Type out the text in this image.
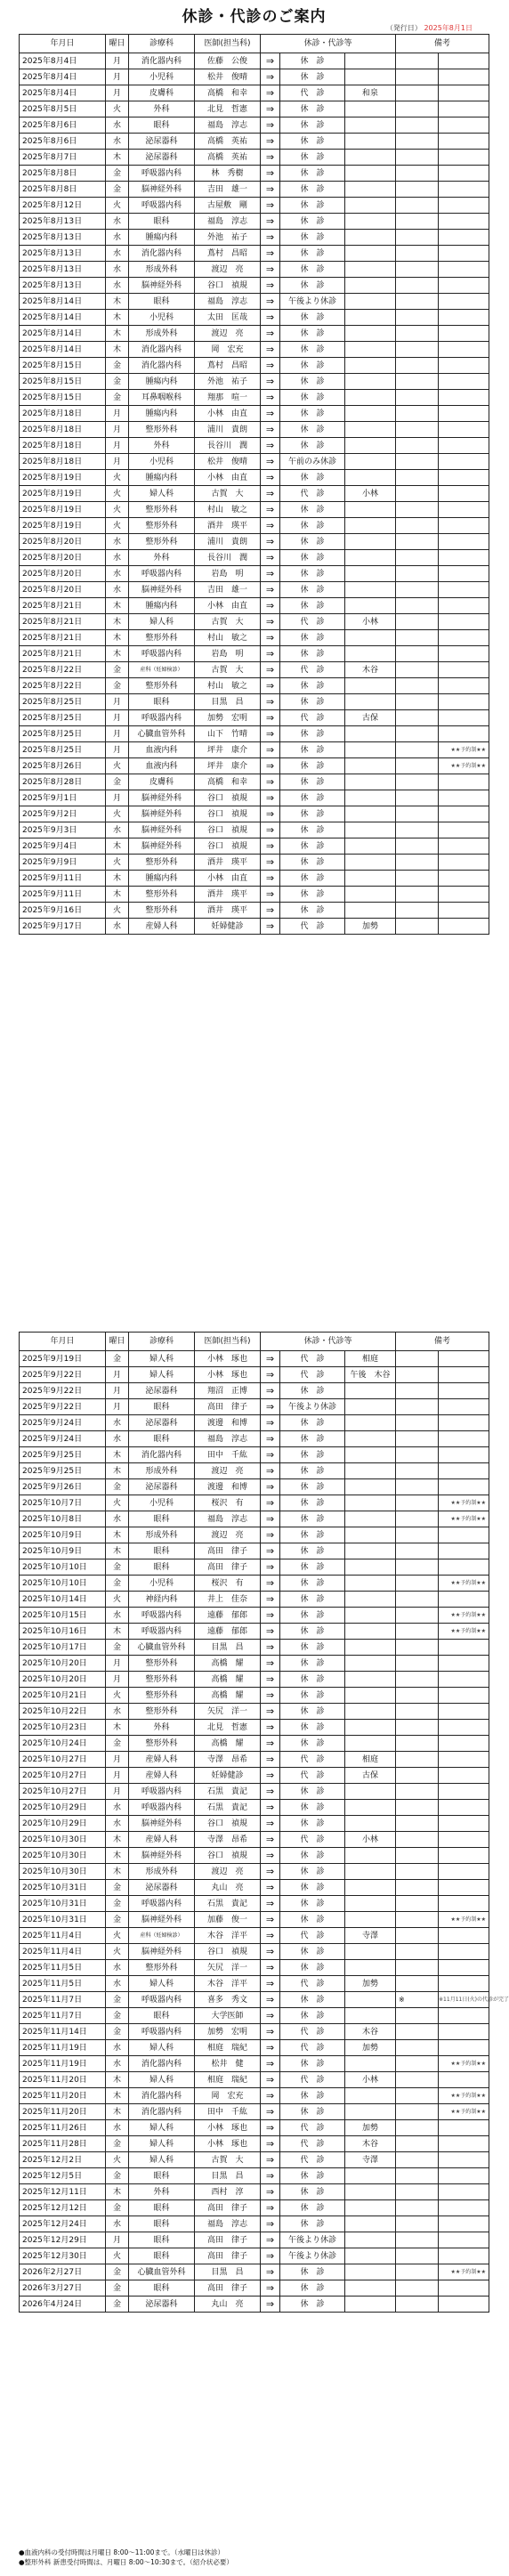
休診・代診のご案内
（発行日） 2025年8月1日
年月日	曜日	診療科	医師(担当科)	休診・代診等			備考	
2025年8月4日	月	消化器内科	佐藤　公俊	⇒	休　診			
2025年8月4日	月	小児科	松井　俊晴	⇒	休　診			
2025年8月4日	月	皮膚科	高橋　和幸	⇒	代　診	和泉		
2025年8月5日	火	外科	北見　哲憲	⇒	休　診			
2025年8月6日	水	眼科	福島　淳志	⇒	休　診			
2025年8月6日	水	泌尿器科	高橋　英祐	⇒	休　診			
2025年8月7日	木	泌尿器科	高橋　英祐	⇒	休　診			
2025年8月8日	金	呼吸器内科	林　秀樹	⇒	休　診			
2025年8月8日	金	脳神経外科	吉田　雄一	⇒	休　診			
2025年8月12日	火	呼吸器内科	古屋敷　剛	⇒	休　診			
2025年8月13日	水	眼科	福島　淳志	⇒	休　診			
2025年8月13日	水	腫瘍内科	外池　祐子	⇒	休　診			
2025年8月13日	水	消化器内科	蔦村　昌昭	⇒	休　診			
2025年8月13日	水	形成外科	渡辺　亮	⇒	休　診			
2025年8月13日	水	脳神経外科	谷口　禎規	⇒	休　診			
2025年8月14日	木	眼科	福島　淳志	⇒	午後より休診			
2025年8月14日	木	小児科	太田　匡哉	⇒	休　診			
2025年8月14日	木	形成外科	渡辺　亮	⇒	休　診			
2025年8月14日	木	消化器内科	岡　宏充	⇒	休　診			
2025年8月15日	金	消化器内科	蔦村　昌昭	⇒	休　診			
2025年8月15日	金	腫瘍内科	外池　祐子	⇒	休　診			
2025年8月15日	金	耳鼻咽喉科	翔那　喧一	⇒	休　診			
2025年8月18日	月	腫瘍内科	小林　由直	⇒	休　診			
2025年8月18日	月	整形外科	浦川　貴朗	⇒	休　診			
2025年8月18日	月	外科	長谷川　潤	⇒	休　診			
2025年8月18日	月	小児科	松井　俊晴	⇒	午前のみ休診			
2025年8月19日	火	腫瘍内科	小林　由直	⇒	休　診			
2025年8月19日	火	婦人科	古賀　大	⇒	代　診	小林		
2025年8月19日	火	整形外科	村山　敏之	⇒	休　診			
2025年8月19日	火	整形外科	酒井　瑛平	⇒	休　診			
2025年8月20日	水	整形外科	浦川　貴朗	⇒	休　診			
2025年8月20日	水	外科	長谷川　潤	⇒	休　診			
2025年8月20日	水	呼吸器内科	岩島　明	⇒	休　診			
2025年8月20日	水	脳神経外科	吉田　雄一	⇒	休　診			
2025年8月21日	木	腫瘍内科	小林　由直	⇒	休　診			
2025年8月21日	木	婦人科	古賀　大	⇒	代　診	小林		
2025年8月21日	木	整形外科	村山　敏之	⇒	休　診			
2025年8月21日	木	呼吸器内科	岩島　明	⇒	休　診			
2025年8月22日	金	産科（妊婦検診）	古賀　大	⇒	代　診	木谷		
2025年8月22日	金	整形外科	村山　敏之	⇒	休　診			
2025年8月25日	月	眼科	目黒　昌	⇒	休　診			
2025年8月25日	月	呼吸器内科	加勢　宏明	⇒	代　診	古保		
2025年8月25日	月	心臓血管外科	山下　竹晴	⇒	休　診			
2025年8月25日	月	血液内科	坪井　康介	⇒	休　診			★★予約制★★
2025年8月26日	火	血液内科	坪井　康介	⇒	休　診			★★予約制★★
2025年8月28日	金	皮膚科	高橋　和幸	⇒	休　診			
2025年9月1日	月	脳神経外科	谷口　禎規	⇒	休　診			
2025年9月2日	火	脳神経外科	谷口　禎規	⇒	休　診			
2025年9月3日	水	脳神経外科	谷口　禎規	⇒	休　診			
2025年9月4日	木	脳神経外科	谷口　禎規	⇒	休　診			
2025年9月9日	火	整形外科	酒井　瑛平	⇒	休　診			
2025年9月11日	木	腫瘍内科	小林　由直	⇒	休　診			
2025年9月11日	木	整形外科	酒井　瑛平	⇒	休　診			
2025年9月16日	火	整形外科	酒井　瑛平	⇒	休　診			
2025年9月17日	水	産婦人科	妊婦健診	⇒	代　診	加勢		
年月日	曜日	診療科	医師(担当科)	休診・代診等			備考	
2025年9月19日	金	婦人科	小林　琢也	⇒	代　診	相庭		
2025年9月22日	月	婦人科	小林　琢也	⇒	代　診	午後　木谷		
2025年9月22日	月	泌尿器科	翔沼　正博	⇒	休　診			
2025年9月22日	月	眼科	高田　律子	⇒	午後より休診			
2025年9月24日	水	泌尿器科	渡邊　和博	⇒	休　診			
2025年9月24日	水	眼科	福島　淳志	⇒	休　診			
2025年9月25日	木	消化器内科	田中　千紘	⇒	休　診			
2025年9月25日	木	形成外科	渡辺　亮	⇒	休　診			
2025年9月26日	金	泌尿器科	渡邊　和博	⇒	休　診			
2025年10月7日	火	小児科	桜沢　有	⇒	休　診			★★予約制★★
2025年10月8日	水	眼科	福島　淳志	⇒	休　診			★★予約制★★
2025年10月9日	木	形成外科	渡辺　亮	⇒	休　診			
2025年10月9日	木	眼科	高田　律子	⇒	休　診			
2025年10月10日	金	眼科	高田　律子	⇒	休　診			
2025年10月10日	金	小児科	桜沢　有	⇒	休　診			★★予約制★★
2025年10月14日	火	神経内科	井上　佳奈	⇒	休　診			
2025年10月15日	水	呼吸器内科	遠藤　郁郎	⇒	休　診			★★予約制★★
2025年10月16日	木	呼吸器内科	遠藤　郁郎	⇒	休　診			★★予約制★★
2025年10月17日	金	心臓血管外科	目黒　昌	⇒	休　診			
2025年10月20日	月	整形外科	高橋　耀	⇒	休　診			
2025年10月20日	月	整形外科	高橋　耀	⇒	休　診			
2025年10月21日	火	整形外科	高橋　耀	⇒	休　診			
2025年10月22日	水	整形外科	矢尻　洋一	⇒	休　診			
2025年10月23日	木	外科	北見　哲憲	⇒	休　診			
2025年10月24日	金	整形外科	高橋　耀	⇒	休　診			
2025年10月27日	月	産婦人科	寺澤　昂希	⇒	代　診	相庭		
2025年10月27日	月	産婦人科	妊婦健診	⇒	代　診	古保		
2025年10月27日	月	呼吸器内科	石黒　貴記	⇒	休　診			
2025年10月29日	水	呼吸器内科	石黒　貴記	⇒	休　診			
2025年10月29日	水	脳神経外科	谷口　禎規	⇒	休　診			
2025年10月30日	木	産婦人科	寺澤　昂希	⇒	代　診	小林		
2025年10月30日	木	脳神経外科	谷口　禎規	⇒	休　診			
2025年10月30日	木	形成外科	渡辺　亮	⇒	休　診			
2025年10月31日	金	泌尿器科	丸山　亮	⇒	休　診			
2025年10月31日	金	呼吸器内科	石黒　貴記	⇒	休　診			
2025年10月31日	金	脳神経外科	加藤　俊一	⇒	休　診			★★予約制★★
2025年11月4日	火	産科（妊婦検診）	木谷　洋平	⇒	代　診	寺澤		
2025年11月4日	火	脳神経外科	谷口　禎規	⇒	休　診			
2025年11月5日	水	整形外科	矢尻　洋一	⇒	休　診			
2025年11月5日	水	婦人科	木谷　洋平	⇒	代　診	加勢		
2025年11月7日	金	呼吸器内科	喜多　秀文	⇒	休　診		※	※11月11日(火)の代診が完了
2025年11月7日	金	眼科	大学医師	⇒	休　診			
2025年11月14日	金	呼吸器内科	加勢　宏明	⇒	代　診	木谷		
2025年11月19日	水	婦人科	相庭　瑞紀	⇒	代　診	加勢		
2025年11月19日	水	消化器内科	松井　健	⇒	休　診			★★予約制★★
2025年11月20日	木	婦人科	相庭　瑞紀	⇒	代　診	小林		
2025年11月20日	木	消化器内科	岡　宏充	⇒	休　診			★★予約制★★
2025年11月20日	木	消化器内科	田中　千紘	⇒	休　診			★★予約制★★
2025年11月26日	水	婦人科	小林　琢也	⇒	代　診	加勢		
2025年11月28日	金	婦人科	小林　琢也	⇒	代　診	木谷		
2025年12月2日	火	婦人科	古賀　大	⇒	代　診	寺澤		
2025年12月5日	金	眼科	目黒　昌	⇒	休　診			
2025年12月11日	木	外科	西村　淳	⇒	休　診			
2025年12月12日	金	眼科	高田　律子	⇒	休　診			
2025年12月24日	水	眼科	福島　淳志	⇒	休　診			
2025年12月29日	月	眼科	高田　律子	⇒	午後より休診			
2025年12月30日	火	眼科	高田　律子	⇒	午後より休診			
2026年2月27日	金	心臓血管外科	目黒　昌	⇒	休　診			★★予約制★★
2026年3月27日	金	眼科	高田　律子	⇒	休　診			
2026年4月24日	金	泌尿器科	丸山　亮	⇒	休　診			
●血液内科の受付時間は月曜日 8:00～11:00まで。（水曜日は休診）
●整形外科 新患受付時間は、月曜日 8:00～10:30まで。（紹介状必要）
